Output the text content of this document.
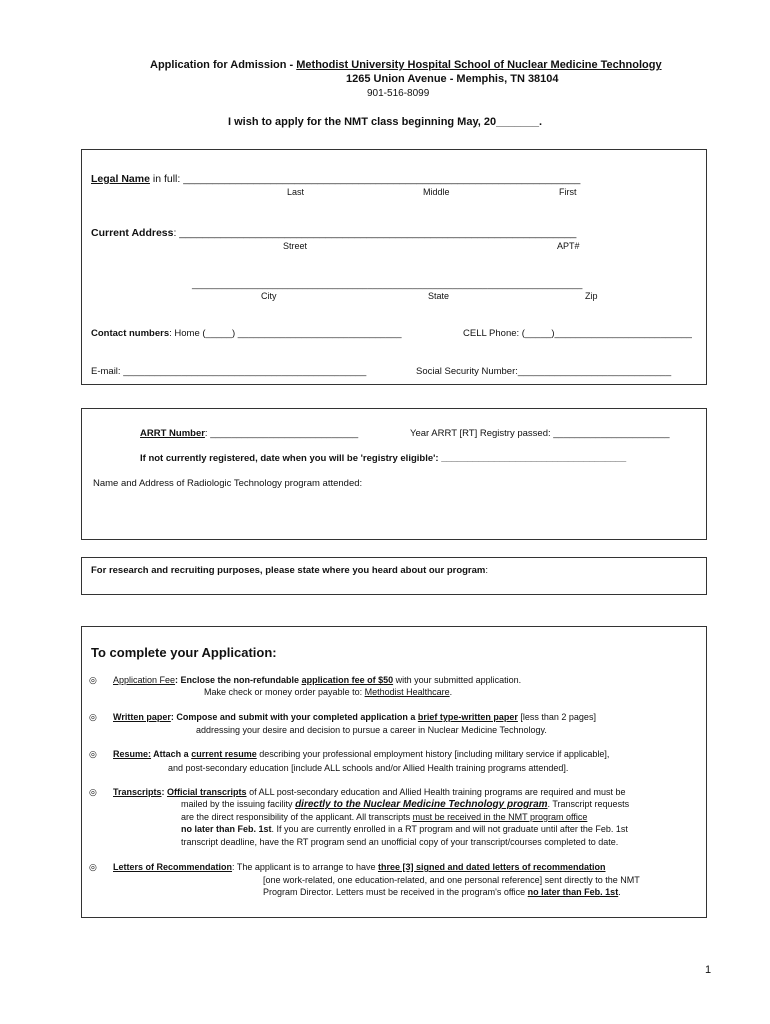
Application for Admission - Methodist University Hospital School of Nuclear Medicine Technology
1265 Union Avenue - Memphis, TN 38104
901-516-8099
I wish to apply for the NMT class beginning May, 20_______.
Legal Name in full: ____________________________________________________________________
Last	Middle	First
Current Address: ____________________________________________________________________
Street	APT#
______________________________________________________________________________
City	State	Zip
Contact numbers: Home (_____) _______________________________	CELL Phone: (_____)__________________________
E-mail: ______________________________________________	Social Security Number:_____________________________
ARRT Number: ____________________________	Year ARRT [RT] Registry passed: ______________________
If not currently registered, date when you will be 'registry eligible': ___________________________________
Name and Address of Radiologic Technology program attended:
For research and recruiting purposes, please state where you heard about our program:
To complete your Application:
◎ Application Fee: Enclose the non-refundable application fee of $50 with your submitted application.
Make check or money order payable to: Methodist Healthcare.
◎ Written paper: Compose and submit with your completed application a brief type-written paper [less than 2 pages]
addressing your desire and decision to pursue a career in Nuclear Medicine Technology.
◎ Resume: Attach a current resume describing your professional employment history [including military service if applicable],
and post-secondary education [include ALL schools and/or Allied Health training programs attended].
◎ Transcripts: Official transcripts of ALL post-secondary education and Allied Health training programs are required and must be
mailed by the issuing facility directly to the Nuclear Medicine Technology program. Transcript requests
are the direct responsibility of the applicant. All transcripts must be received in the NMT program office
no later than Feb. 1st. If you are currently enrolled in a RT program and will not graduate until after the Feb. 1st
transcript deadline, have the RT program send an unofficial copy of your transcript/courses completed to date.
◎ Letters of Recommendation: The applicant is to arrange to have three [3] signed and dated letters of recommendation
[one work-related, one education-related, and one personal reference] sent directly to the NMT
Program Director. Letters must be received in the program's office no later than Feb. 1st.
1
